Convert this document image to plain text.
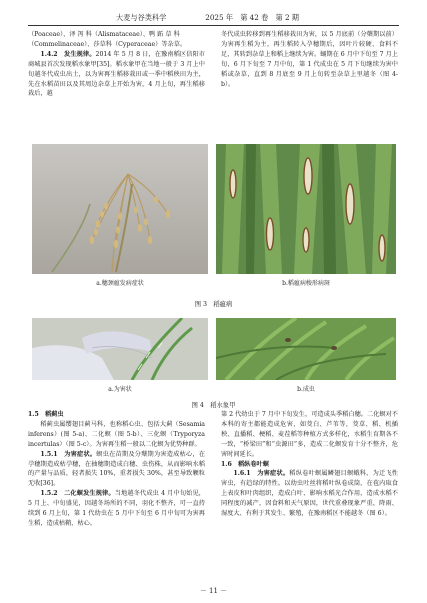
大麦与谷类科学	2025 年　第 42 卷　第 2 期

（Poaceae）、泽 泻 科（Alismataceae）、鸭 跖 草 科

（Commelinaceae）、莎草科（Cyperaceae）等杂草。

1.4.2　发生规律。2014 年 5 月 8 日，在豫南稻区信阳市商城县首次发现稻水象甲[35]。稻水象甲在当地一般于 3 月上中旬越冬代成虫出土，以为害再生稻移栽田或一季中稻秧田为主，先在水稻苗田以及其周边杂草上开始为害，4 月上旬，再生稻移栽后，越

冬代成虫转移到再生稻移栽田为害，以 5 月底前（分蘖期以前）为害再生稻为主，再生稻转入孕穗期后，因叶片较硬、食料不足，其转到杂草上和稻上继续为害。蛹期在 6 月中下旬至 7 月上旬，6 月下旬至 7 月中旬，第 1 代成虫在 5 月下旬继续为害中稻或杂草，直到 8 月底至 9 月上旬转至杂草上里越冬（图 4-b）。

a.穗颈瘟发病症状	b.稻瘟病梭形病斑
图 3　稻瘟病
a.为害状	b.成虫
图 4　稻水象甲

1.5　稻蓟虫

稻蓟虫属缨翅目蓟马科，也称稻心虫、包括大蓟（Sesamia inferens）(图 5-a)、二化螟（图 5-b）、三化螟（Tryporyza incertulas）（图 5-c）。为害再生稻一般以二化螟为优势种群。

1.5.1　为害症状。螟虫在苗期及分蘖期为害造成枯心，在孕穗期造成枯孕穗，在抽穗期造成白穗、虫伤株，从而影响水稻的产量与品质，轻者损失 10%，重者损失 30%，甚至导致颗粒无收[36]。

1.5.2　二化螟发生规律。当地越冬代成虫 4 月中旬始见，5 月上、中旬盛见，因越冬场所的不同，羽化不整齐，可一直持续到 6 月上旬，第 1 代幼虫在 5 月中下旬至 6 月中旬可为害再生稻，造成枯鞘、枯心。

第 2 代幼虫于 7 月中下旬发生，可造成头季稻白穗。二化螟对不本科的寄主都能造成危害，如茭白、芦苇等，茭草、稻、机插秧、直播稻、梗稻、麦茬稻等种植方式多样化，水稻生育期各不一致，“桥梁田”和“虫源田”多，造成二化螟发育十分不整齐，危害时间延长。

1.6　稻纵卷叶螟

1.6.1　为害症状。稻纵卷叶螟属鳞翅目螟蛾科，为迁飞性害虫，有趋绿的特性。以幼虫吐丝将稻叶纵卷成筒，在苞内取食上表皮和叶肉组织，造成白叶、影响水稻光合作用，造成水稻不同程度的减产，因食料和天气原因，世代重叠现象严重，降雨、湿度大、有利于其发生、繁殖，在豫南稻区不能越冬（图 6）。

－ 11 －
